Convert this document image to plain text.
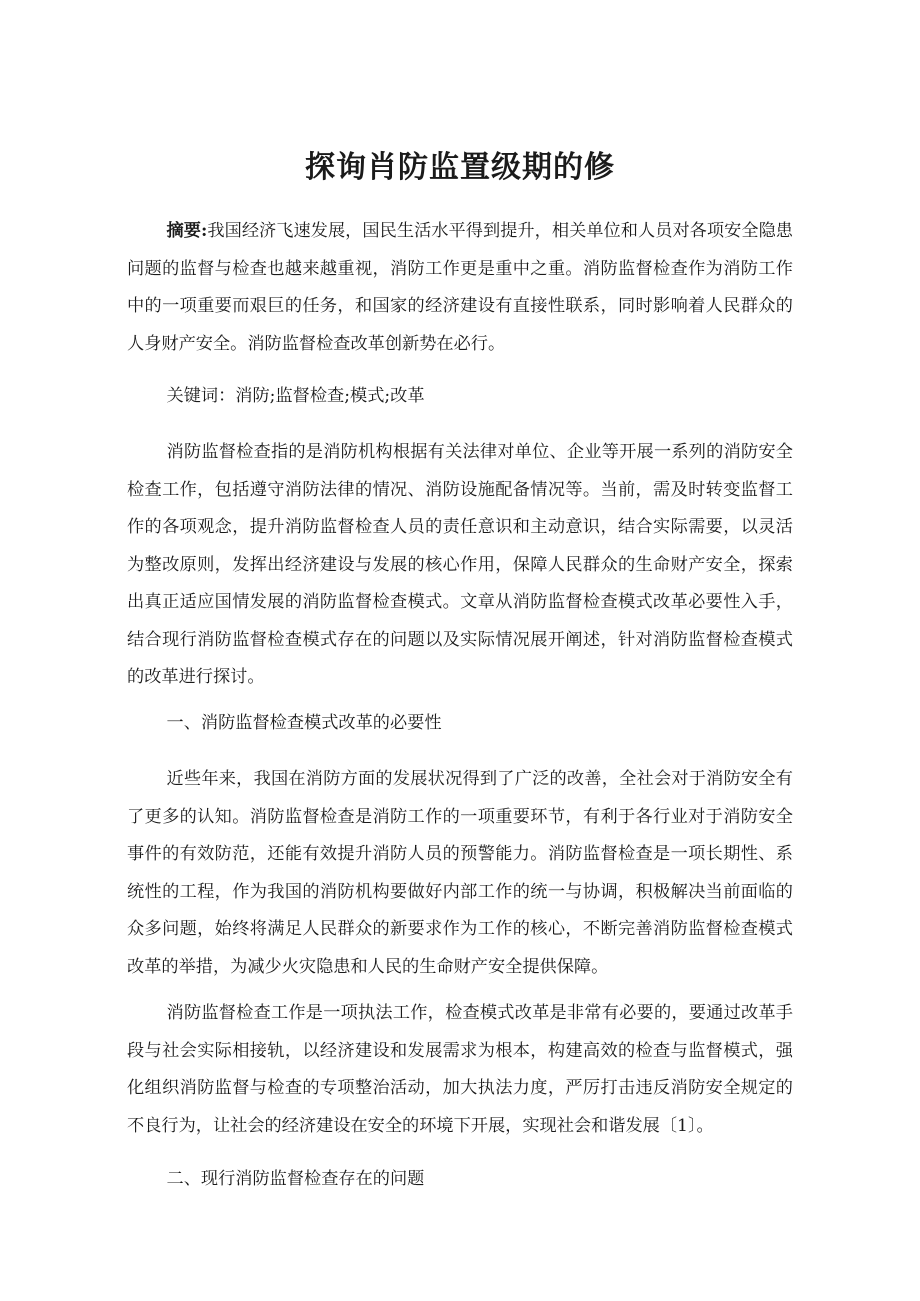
探询肖防监置级期的修

摘要:我国经济飞速发展，国民生活水平得到提升，相关单位和人员对各项安全隐患问题的监督与检查也越来越重视，消防工作更是重中之重。消防监督检查作为消防工作中的一项重要而艰巨的任务，和国家的经济建设有直接性联系，同时影响着人民群众的人身财产安全。消防监督检查改革创新势在必行。

关键词：消防;监督检查;模式;改革

消防监督检查指的是消防机构根据有关法律对单位、企业等开展一系列的消防安全检查工作，包括遵守消防法律的情况、消防设施配备情况等。当前，需及时转变监督工作的各项观念，提升消防监督检查人员的责任意识和主动意识，结合实际需要，以灵活为整改原则，发挥出经济建设与发展的核心作用，保障人民群众的生命财产安全，探索出真正适应国情发展的消防监督检查模式。文章从消防监督检查模式改革必要性入手，结合现行消防监督检查模式存在的问题以及实际情况展开阐述，针对消防监督检查模式的改革进行探讨。

一、消防监督检查模式改革的必要性

近些年来，我国在消防方面的发展状况得到了广泛的改善，全社会对于消防安全有了更多的认知。消防监督检查是消防工作的一项重要环节，有利于各行业对于消防安全事件的有效防范，还能有效提升消防人员的预警能力。消防监督检查是一项长期性、系统性的工程，作为我国的消防机构要做好内部工作的统一与协调，积极解决当前面临的众多问题，始终将满足人民群众的新要求作为工作的核心，不断完善消防监督检查模式改革的举措，为减少火灾隐患和人民的生命财产安全提供保障。

消防监督检查工作是一项执法工作，检查模式改革是非常有必要的，要通过改革手段与社会实际相接轨，以经济建设和发展需求为根本，构建高效的检查与监督模式，强化组织消防监督与检查的专项整治活动，加大执法力度，严厉打击违反消防安全规定的不良行为，让社会的经济建设在安全的环境下开展，实现社会和谐发展〔1〕。

二、现行消防监督检查存在的问题
